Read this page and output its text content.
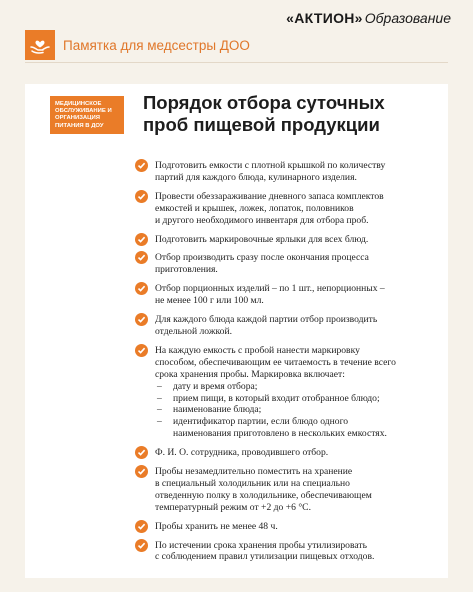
«АКТИОН» Образование
Памятка для медсестры ДОО
МЕДИЦИНСКОЕ ОБСЛУЖИВАНИЕ И ОРГАНИЗАЦИЯ ПИТАНИЯ В ДОУ
Порядок отбора суточных
проб пищевой продукции
Подготовить емкости с плотной крышкой по количеству
партий для каждого блюда, кулинарного изделия.
Провести обеззараживание дневного запаса комплектов
емкостей и крышек, ложек, лопаток, половников
и другого необходимого инвентаря для отбора проб.
Подготовить маркировочные ярлыки для всех блюд.
Отбор производить сразу после окончания процесса
приготовления.
Отбор порционных изделий – по 1 шт., непорционных –
не менее 100 г или 100 мл.
Для каждого блюда каждой партии отбор производить
отдельной ложкой.
На каждую емкость с пробой нанести маркировку
способом, обеспечивающим ее читаемость в течение всего
срока хранения пробы. Маркировка включает:
– дату и время отбора;
– прием пищи, в который входит отобранное блюдо;
– наименование блюда;
– идентификатор партии, если блюдо одного
наименования приготовлено в нескольких емкостях.
Ф. И. О. сотрудника, проводившего отбор.
Пробы незамедлительно поместить на хранение
в специальный холодильник или на специально
отведенную полку в холодильнике, обеспечивающем
температурный режим от +2 до +6 °С.
Пробы хранить не менее 48 ч.
По истечении срока хранения пробы утилизировать
с соблюдением правил утилизации пищевых отходов.
